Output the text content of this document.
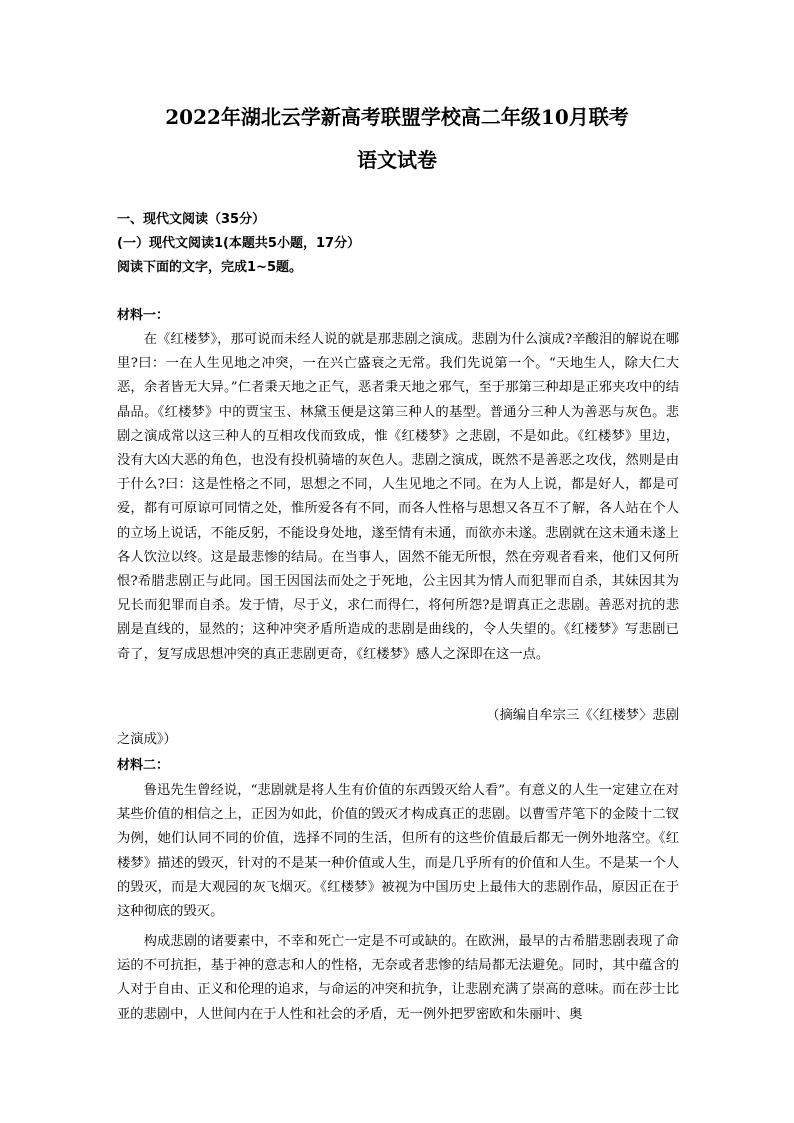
2022年湖北云学新高考联盟学校高二年级10月联考
语文试卷

一、现代文阅读（35分）

(一）现代文阅读1(本题共5小题，17分）

阅读下面的文字，完成1~5题。

材料一：

在《红楼梦》，那可说而未经人说的就是那悲剧之演成。悲剧为什么演成?辛酸泪的解说在哪里?曰：一在人生见地之冲突，一在兴亡盛衰之无常。我们先说第一个。“天地生人，除大仁大恶，余者皆无大异。”仁者秉天地之正气，恶者秉天地之邪气，至于那第三种却是正邪夹攻中的结晶品。《红楼梦》中的贾宝玉、林黛玉便是这第三种人的基型。普通分三种人为善恶与灰色。悲剧之演成常以这三种人的互相攻伐而致成，惟《红楼梦》之悲剧，不是如此。《红楼梦》里边，没有大凶大恶的角色，也没有投机骑墙的灰色人。悲剧之演成，既然不是善恶之攻伐，然则是由于什么?曰：这是性格之不同，思想之不同，人生见地之不同。在为人上说，都是好人，都是可爱，都有可原谅可同情之处，惟所爱各有不同，而各人性格与思想又各互不了解，各人站在个人的立场上说话，不能反躬，不能设身处地，遂至情有未通，而欲亦未遂。悲剧就在这未通未遂上各人饮泣以终。这是最悲惨的结局。在当事人，固然不能无所恨，然在旁观者看来，他们又何所恨?希腊悲剧正与此同。国王因国法而处之于死地，公主因其为情人而犯罪而自杀，其妹因其为兄长而犯罪而自杀。发于情，尽于义，求仁而得仁，将何所怨?是谓真正之悲剧。善恶对抗的悲剧是直线的，显然的；这种冲突矛盾所造成的悲剧是曲线的，令人失望的。《红楼梦》写悲剧已奇了，复写成思想冲突的真正悲剧更奇，《红楼梦》感人之深即在这一点。

（摘编自牟宗三《〈红楼梦〉悲剧
之演成》）

材料二：

鲁迅先生曾经说，“悲剧就是将人生有价值的东西毁灭给人看”。有意义的人生一定建立在对某些价值的相信之上，正因为如此，价值的毁灭才构成真正的悲剧。以曹雪芹笔下的金陵十二钗为例，她们认同不同的价值，选择不同的生活，但所有的这些价值最后都无一例外地落空。《红楼梦》描述的毁灭，针对的不是某一种价值或人生，而是几乎所有的价值和人生。不是某一个人的毁灭，而是大观园的灰飞烟灭。《红楼梦》被视为中国历史上最伟大的悲剧作品，原因正在于这种彻底的毁灭。

构成悲剧的诸要素中，不幸和死亡一定是不可或缺的。在欧洲，最早的古希腊悲剧表现了命运的不可抗拒，基于神的意志和人的性格，无奈或者悲惨的结局都无法避免。同时，其中蕴含的人对于自由、正义和伦理的追求，与命运的冲突和抗争，让悲剧充满了崇高的意味。而在莎士比亚的悲剧中，人世间内在于人性和社会的矛盾，无一例外把罗密欧和朱丽叶、奥
